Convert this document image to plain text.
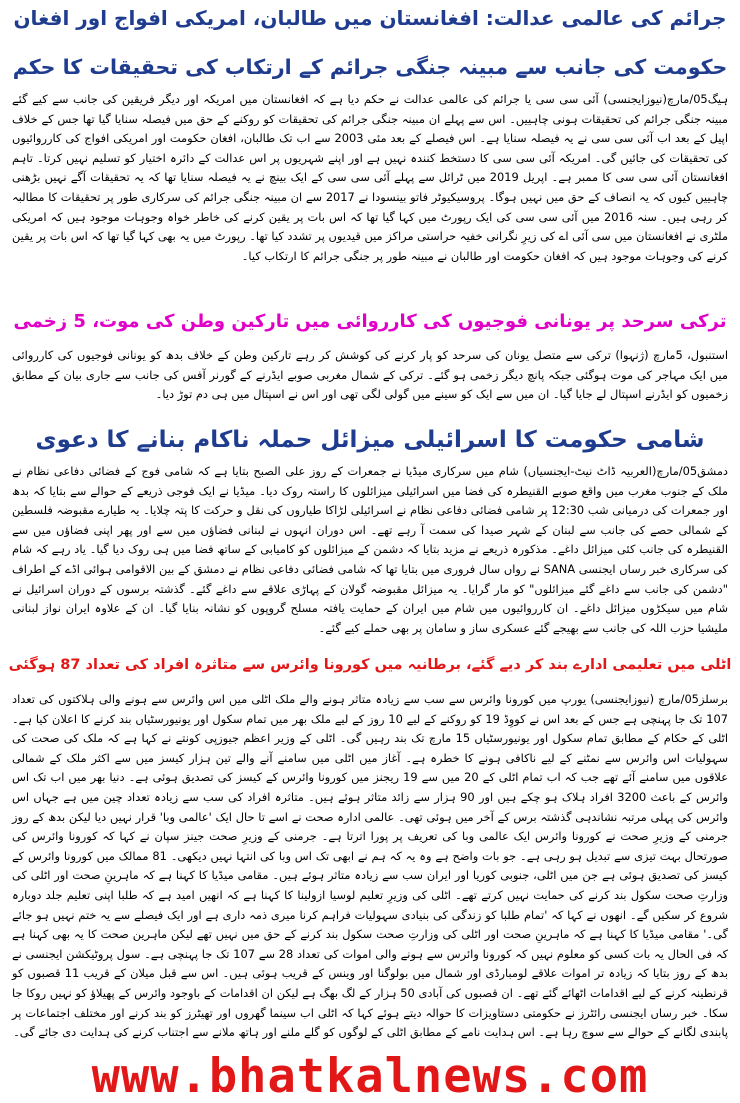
جرائم کی عالمی عدالت: افغانستان میں طالبان، امریکی افواج اور افغان
حکومت کی جانب سے مبینہ جنگی جرائم کے ارتکاب کی تحقیقات کا حکم

ہیگ05/مارچ(نیوزایجنسی) آئی سی سی یا جرائم کی عالمی عدالت نے حکم دیا ہے کہ افغانستان میں امریکہ اور دیگر فریقین کی جانب سے کیے گئے مبینہ جنگی جرائم کی تحقیقات ہونی چاہییں۔ اس سے پہلے ان مبینہ جنگی جرائم کی تحقیقات کو روکنے کے حق میں فیصلہ سنایا گیا تھا جس کے خلاف اپیل کے بعد اب آئی سی سی نے یہ فیصلہ سنایا ہے۔ اس فیصلے کے بعد مئی 2003 سے اب تک طالبان، افغان حکومت اور امریکی افواج کی کارروائیوں کی تحقیقات کی جائیں گی۔ امریکہ آئی سی سی کا دستخط کنندہ نہیں ہے اور اپنے شہریوں پر اس عدالت کے دائرہ اختیار کو تسلیم نہیں کرتا۔ تاہم افغانستان آئی سی سی کا ممبر ہے۔ اپریل 2019 میں ٹرائل سے پہلے آئی سی سی کے ایک بینچ نے یہ فیصلہ سنایا تھا کہ یہ تحقیقات آگے نہیں بڑھنی چاہییں کیوں کہ یہ انصاف کے حق میں نہیں ہوگا۔ پروسیکیوٹر فاتو بینسودا نے 2017 سے ان مبینہ جنگی جرائم کی سرکاری طور پر تحقیقات کا مطالبہ کر رہی ہیں۔ سنہ 2016 میں آئی سی سی کی ایک رپورٹ میں کہا گیا تھا کہ اس بات پر یقین کرنے کی خاطر خواہ وجوہات موجود ہیں کہ امریکی ملٹری نے افغانستان میں سی آئی اے کی زیرِ نگرانی خفیہ حراستی مراکز میں قیدیوں پر تشدد کیا تھا۔ رپورٹ میں یہ بھی کہا گیا تھا کہ اس بات پر یقین کرنے کی وجوہات موجود ہیں کہ افغان حکومت اور طالبان نے مبینہ طور پر جنگی جرائم کا ارتکاب کیا۔

ترکی سرحد پر یونانی فوجیوں کی کارروائی میں تارکین وطن کی موت، 5 زخمی

استنبول، 5مارچ (ژنہوا) ترکی سے متصل یونان کی سرحد کو پار کرنے کی کوشش کر رہے تارکین وطن کے خلاف بدھ کو یونانی فوجیوں کی کارروائی میں ایک مہاجر کی موت ہوگئی جبکہ پانچ دیگر زخمی ہو گئے۔ ترکی کے شمال مغربی صوبے ایڈرنے کے گورنر آفس کی جانب سے جاری بیان کے مطابق زخمیوں کو ایڈرنے اسپتال لے جایا گیا۔ ان میں سے ایک کو سینے میں گولی لگی تھی اور اس نے اسپتال میں ہی دم توڑ دیا۔

شامی حکومت کا اسرائیلی میزائل حملہ ناکام بنانے کا دعوی

دمشق05/مارچ(العربیہ ڈاٹ نیٹ-ایجنسیاں) شام میں سرکاری میڈیا نے جمعرات کے روز علی الصبح بتایا ہے کہ شامی فوج کے فضائی دفاعی نظام نے ملک کے جنوب مغرب میں واقع صوبے القنیطرہ کی فضا میں اسرائیلی میزائلوں کا راستہ روک دیا۔ میڈیا نے ایک فوجی ذریعے کے حوالے سے بتایا کہ بدھ اور جمعرات کی درمیانی شب 12:30 پر شامی فضائی دفاعی نظام نے اسرائیلی لڑاکا طیاروں کی نقل و حرکت کا پتہ چلایا۔ یہ طیارے مقبوضہ فلسطین کے شمالی حصے کی جانب سے لبنان کے شہر صیدا کی سمت آ رہے تھے۔ اس دوران انہوں نے لبنانی فضاؤں میں سے اور پھر اپنی فضاؤں میں سے القنیطرہ کی جانب کئی میزائل داغے۔ مذکورہ ذریعے نے مزید بتایا کہ دشمن کے میزائلوں کو کامیابی کے ساتھ فضا میں ہی روک دیا گیا۔ یاد رہے کہ شام کی سرکاری خبر رساں ایجنسی SANA نے رواں سال فروری میں بتایا تھا کہ شامی فضائی دفاعی نظام نے دمشق کے بین الاقوامی ہوائی اڈے کے اطراف "دشمن کی جانب سے داغے گئے میزائلوں" کو مار گرایا۔ یہ میزائل مقبوضہ گولان کے پہاڑی علاقے سے داغے گئے۔ گذشتہ برسوں کے دوران اسرائیل نے شام میں سیکڑوں میزائل داغے۔ ان کارروائیوں میں شام میں ایران کے حمایت یافتہ مسلح گروپوں کو نشانہ بنایا گیا۔ ان کے علاوہ ایران نواز لبنانی ملیشیا حزب اللہ کی جانب سے بھیجے گئے عسکری ساز و سامان پر بھی حملے کیے گئے۔

اٹلی میں تعلیمی ادارے بند کر دیے گئے، برطانیہ میں کورونا وائرس سے متاثرہ افراد کی تعداد 87 ہوگئی

برسلز05/مارچ (نیوزایجنسی) یورپ میں کورونا وائرس سے سب سے زیادہ متاثر ہونے والے ملک اٹلی میں اس وائرس سے ہونے والی ہلاکتوں کی تعداد 107 تک جا پہنچی ہے جس کے بعد اس نے کووِڈ 19 کو روکنے کے لیے 10 روز کے لیے ملک بھر میں تمام سکول اور یونیورسٹیاں بند کرنے کا اعلان کیا ہے۔ اٹلی کے حکام کے مطابق تمام سکول اور یونیورسٹیاں 15 مارچ تک بند رہیں گی۔ اٹلی کے وزیر اعظم جیوزپی کونتے نے کہا ہے کہ ملک کی صحت کی سہولیات اس وائرس سے نمٹنے کے لیے ناکافی ہونے کا خطرہ ہے۔ آغاز میں اٹلی میں سامنے آنے والے تین ہزار کیسز میں سے اکثر ملک کے شمالی علاقوں میں سامنے آئے تھے جب کہ اب تمام اٹلی کے 20 میں سے 19 ریجنز میں کورونا وائرس کے کیسز کی تصدیق ہوئی ہے۔ دنیا بھر میں اب تک اس وائرس کے باعث 3200 افراد ہلاک ہو چکے ہیں اور 90 ہزار سے زائد متاثر ہوئے ہیں۔ متاثرہ افراد کی سب سے زیادہ تعداد چین میں ہے جہاں اس وائرس کی پہلی مرتبہ نشاندہی گذشتہ برس کے آخر میں ہوئی تھی۔ عالمی ادارہ صحت نے اسے تا حال ایک 'عالمی وبا' قرار نہیں دیا لیکن بدھ کے روز جرمنی کے وزیرِ صحت نے کورونا وائرس ایک عالمی وبا کی تعریف پر پورا اترتا ہے۔ جرمنی کے وزیرِ صحت جینز سپان نے کہا کہ کورونا وائرس کی صورتحال بہت تیزی سے تبدیل ہو رہی ہے۔ جو بات واضح ہے وہ یہ کہ ہم نے ابھی تک اس وبا کی انتہا نہیں دیکھی۔ 81 ممالک میں کورونا وائرس کے کیسز کی تصدیق ہوئی ہے جن میں اٹلی، جنوبی کوریا اور ایران سب سے زیادہ متاثر ہوئے ہیں۔ مقامی میڈیا کا کہنا ہے کہ ماہرینِ صحت اور اٹلی کی وزارتِ صحت سکول بند کرنے کی حمایت نہیں کرتے تھے۔ اٹلی کی وزیرِ تعلیم لوسیا ازولینا کا کہنا ہے کہ انھیں امید ہے کہ طلبا اپنی تعلیم جلد دوبارہ شروع کر سکیں گے۔ انھوں نے کہا کہ 'تمام طلبا کو زندگی کی بنیادی سہولیات فراہم کرنا میری ذمہ داری ہے اور ایک فیصلے سے یہ ختم نہیں ہو جائے گی۔' مقامی میڈیا کا کہنا ہے کہ ماہرینِ صحت اور اٹلی کی وزارتِ صحت سکول بند کرنے کے حق میں نہیں تھے لیکن ماہرین صحت کا یہ بھی کہنا ہے کہ فی الحال یہ بات کسی کو معلوم نہیں کہ کورونا وائرس سے ہونے والی اموات کی تعداد 28 سے 107 تک جا پہنچی ہے۔ سول پروٹیکشن ایجنسی نے بدھ کے روز بتایا کہ زیادہ تر اموات علاقے لومبارڈی اور شمال میں بولوگنا اور وینس کے قریب ہوئی ہیں۔ اس سے قبل میلان کے قریب 11 قصبوں کو قرنطینہ کرنے کے لیے اقدامات اٹھائے گئے تھے۔ ان قصبوں کی آبادی 50 ہزار کے لگ بھگ ہے لیکن ان اقدامات کے باوجود وائرس کے پھیلاؤ کو نہیں روکا جا سکا۔ خبر رساں ایجنسی رائٹرز نے حکومتی دستاویزات کا حوالہ دیتے ہوئے کہا کہ اٹلی اب سینما گھروں اور تھیٹرز کو بند کرنے اور مختلف اجتماعات پر پابندی لگانے کے حوالے سے سوچ رہا ہے۔ اس ہدایت نامے کے مطابق اٹلی کے لوگوں کو گلے ملنے اور ہاتھ ملانے سے اجتناب کرنے کی ہدایت دی جائے گی۔

www.bhatkalnews.com
